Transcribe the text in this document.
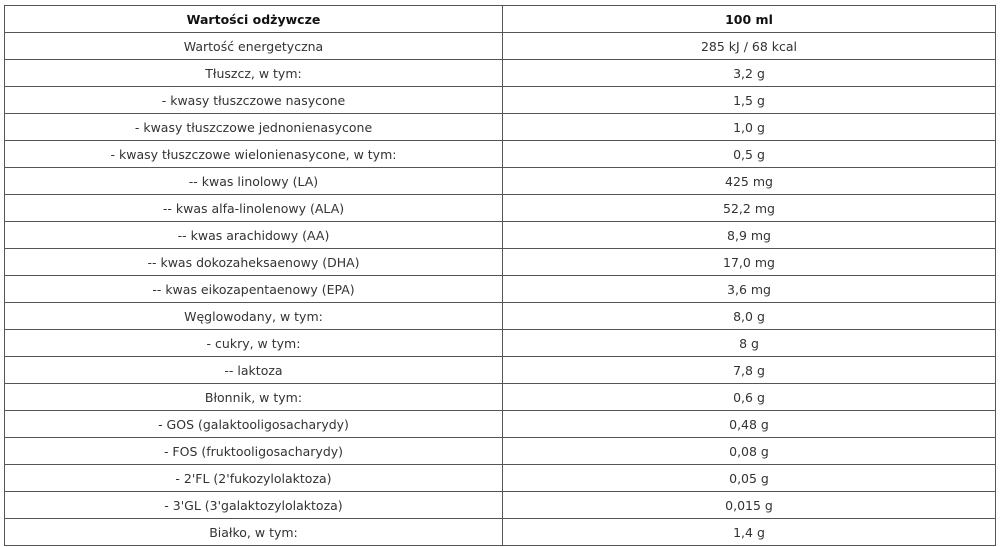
Wartości odżywcze	100 ml
Wartość energetyczna	285 kJ / 68 kcal
Tłuszcz, w tym:	3,2 g
- kwasy tłuszczowe nasycone	1,5 g
- kwasy tłuszczowe jednonienasycone	1,0 g
- kwasy tłuszczowe wielonienasycone, w tym:	0,5 g
-- kwas linolowy (LA)	425 mg
-- kwas alfa-linolenowy (ALA)	52,2 mg
-- kwas arachidowy (AA)	8,9 mg
-- kwas dokozaheksaenowy (DHA)	17,0 mg
-- kwas eikozapentaenowy (EPA)	3,6 mg
Węglowodany, w tym:	8,0 g
- cukry, w tym:	8 g
-- laktoza	7,8 g
Błonnik, w tym:	0,6 g
- GOS (galaktooligosacharydy)	0,48 g
- FOS (fruktooligosacharydy)	0,08 g
- 2'FL (2'fukozylolaktoza)	0,05 g
- 3'GL (3'galaktozylolaktoza)	0,015 g
Białko, w tym:	1,4 g
